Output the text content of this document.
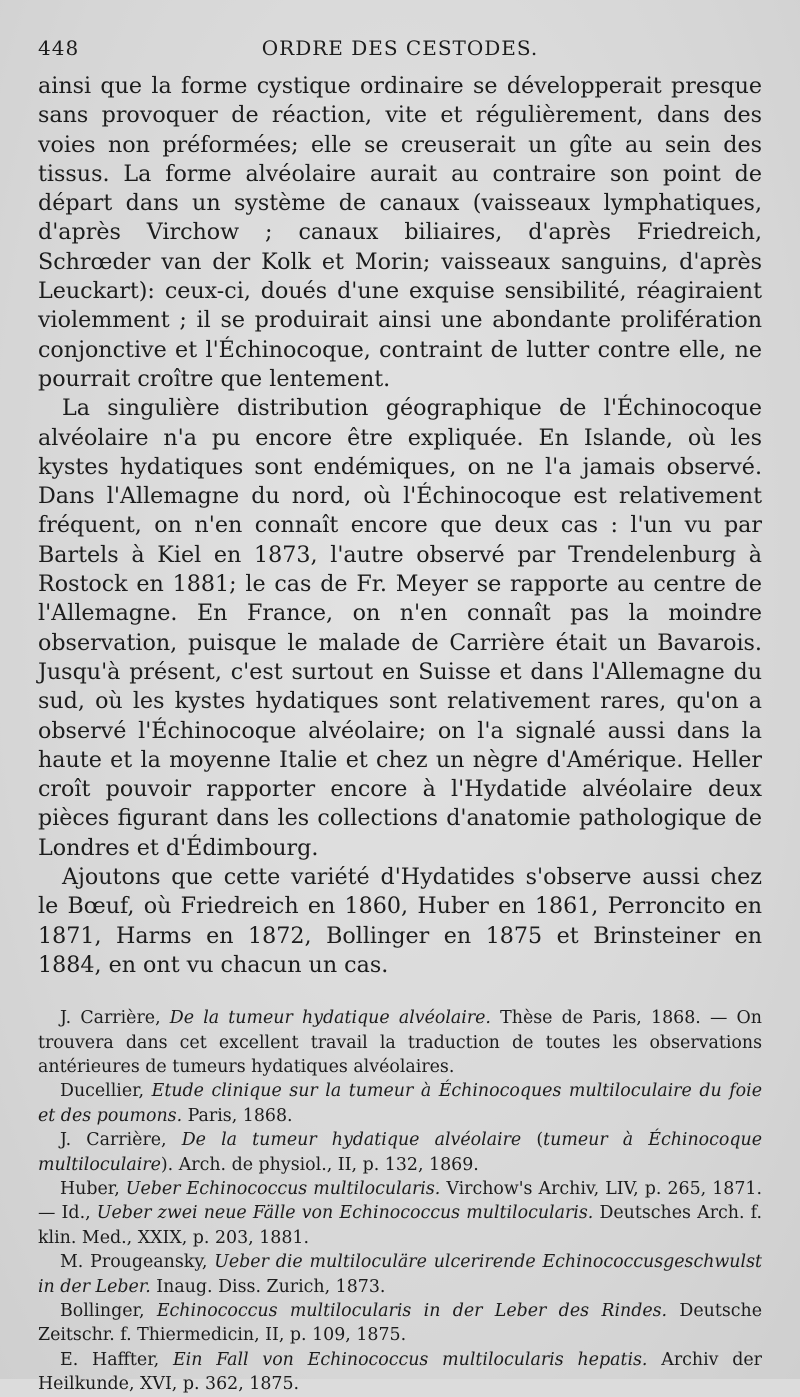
448	ORDRE DES CESTODES.

ainsi que la forme cystique ordinaire se développerait presque sans provoquer de réaction, vite et régulièrement, dans des voies non préformées; elle se creuserait un gîte au sein des tissus. La forme alvéolaire aurait au contraire son point de départ dans un système de canaux (vaisseaux lymphatiques, d'après Virchow ; canaux biliaires, d'après Friedreich, Schrœder van der Kolk et Morin; vaisseaux sanguins, d'après Leuckart): ceux-ci, doués d'une exquise sensibilité, réagiraient violemment ; il se produirait ainsi une abondante prolifération conjonctive et l'Échinocoque, contraint de lutter contre elle, ne pourrait croître que lentement.

La singulière distribution géographique de l'Échinocoque alvéolaire n'a pu encore être expliquée. En Islande, où les kystes hydatiques sont endémiques, on ne l'a jamais observé. Dans l'Allemagne du nord, où l'Échinocoque est relativement fréquent, on n'en connaît encore que deux cas : l'un vu par Bartels à Kiel en 1873, l'autre observé par Trendelenburg à Rostock en 1881; le cas de Fr. Meyer se rapporte au centre de l'Allemagne. En France, on n'en connaît pas la moindre observation, puisque le malade de Carrière était un Bavarois. Jusqu'à présent, c'est surtout en Suisse et dans l'Allemagne du sud, où les kystes hydatiques sont relativement rares, qu'on a observé l'Échinocoque alvéolaire; on l'a signalé aussi dans la haute et la moyenne Italie et chez un nègre d'Amérique. Heller croît pouvoir rapporter encore à l'Hydatide alvéolaire deux pièces figurant dans les collections d'anatomie pathologique de Londres et d'Édimbourg.

Ajoutons que cette variété d'Hydatides s'observe aussi chez le Bœuf, où Friedreich en 1860, Huber en 1861, Perroncito en 1871, Harms en 1872, Bollinger en 1875 et Brinsteiner en 1884, en ont vu chacun un cas.

J. Carrière, De la tumeur hydatique alvéolaire. Thèse de Paris, 1868. — On trouvera dans cet excellent travail la traduction de toutes les observations antérieures de tumeurs hydatiques alvéolaires.

Ducellier, Etude clinique sur la tumeur à Échinocoques multiloculaire du foie et des poumons. Paris, 1868.

J. Carrière, De la tumeur hydatique alvéolaire (tumeur à Échinocoque multiloculaire). Arch. de physiol., II, p. 132, 1869.

Huber, Ueber Echinococcus multilocularis. Virchow's Archiv, LIV, p. 265, 1871. — Id., Ueber zwei neue Fälle von Echinococcus multilocularis. Deutsches Arch. f. klin. Med., XXIX, p. 203, 1881.

M. Prougeansky, Ueber die multiloculäre ulcerirende Echinococcusgeschwulst in der Leber. Inaug. Diss. Zurich, 1873.

Bollinger, Echinococcus multilocularis in der Leber des Rindes. Deutsche Zeitschr. f. Thiermedicin, II, p. 109, 1875.

E. Haffter, Ein Fall von Echinococcus multilocularis hepatis. Archiv der Heilkunde, XVI, p. 362, 1875.
